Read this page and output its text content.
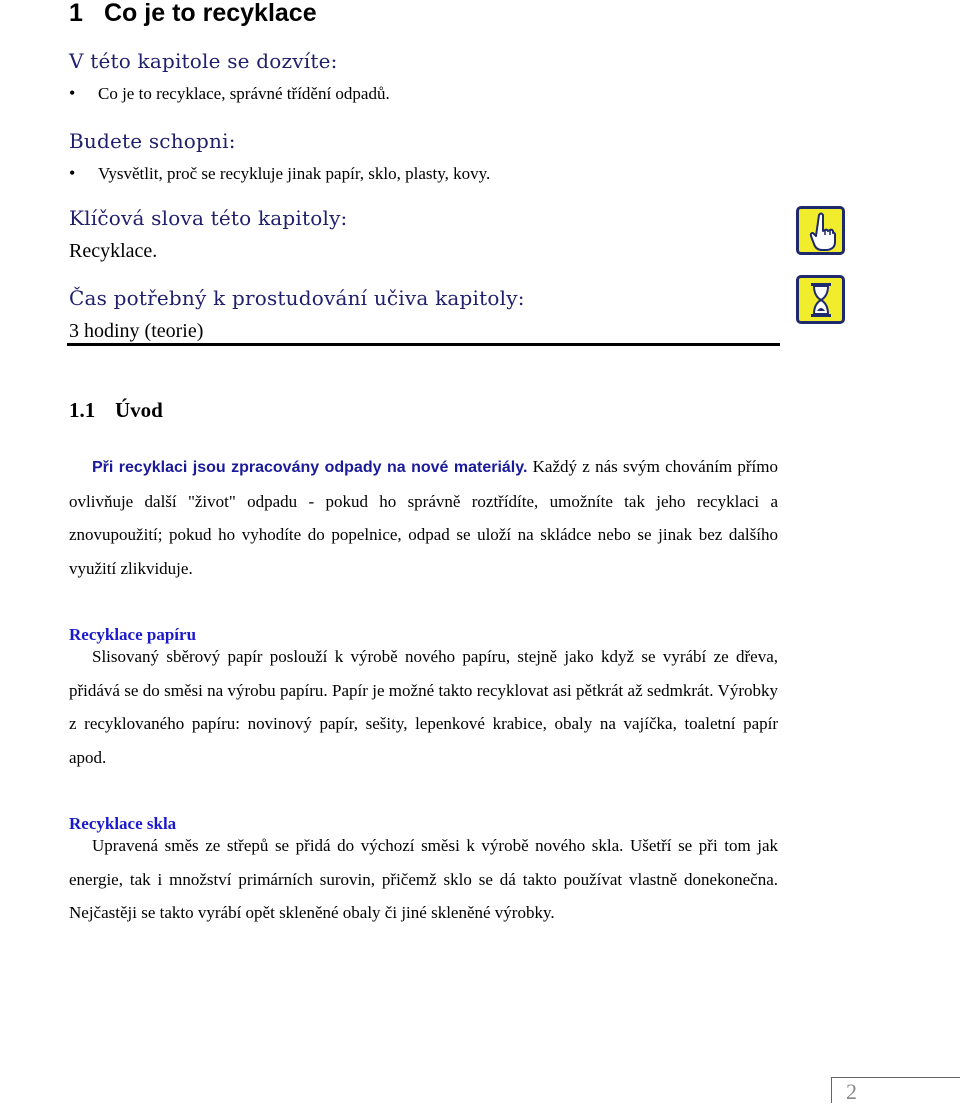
1 Co je to recyklace
V této kapitole se dozvíte:
• Co je to recyklace, správné třídění odpadů.
Budete schopni:
• Vysvětlit, proč se recykluje jinak papír, sklo, plasty, kovy.
Klíčová slova této kapitoly:
Recyklace.
Čas potřebný k prostudování učiva kapitoly:
3 hodiny (teorie)
1.1 Úvod
Při recyklaci jsou zpracovány odpady na nové materiály. Každý z nás svým chováním přímo ovlivňuje další "život" odpadu - pokud ho správně roztřídíte, umožníte tak jeho recyklaci a znovupoužití; pokud ho vyhodíte do popelnice, odpad se uloží na skládce nebo se jinak bez dalšího využití zlikviduje.
Recyklace papíru
Slisovaný sběrový papír poslouží k výrobě nového papíru, stejně jako když se vyrábí ze dřeva, přidává se do směsi na výrobu papíru. Papír je možné takto recyklovat asi pětkrát až sedmkrát. Výrobky z recyklovaného papíru: novinový papír, sešity, lepenkové krabice, obaly na vajíčka, toaletní papír apod.
Recyklace skla
Upravená směs ze střepů se přidá do výchozí směsi k výrobě nového skla. Ušetří se při tom jak energie, tak i množství primárních surovin, přičemž sklo se dá takto používat vlastně donekonečna. Nejčastěji se takto vyrábí opět skleněné obaly či jiné skleněné výrobky.
2
